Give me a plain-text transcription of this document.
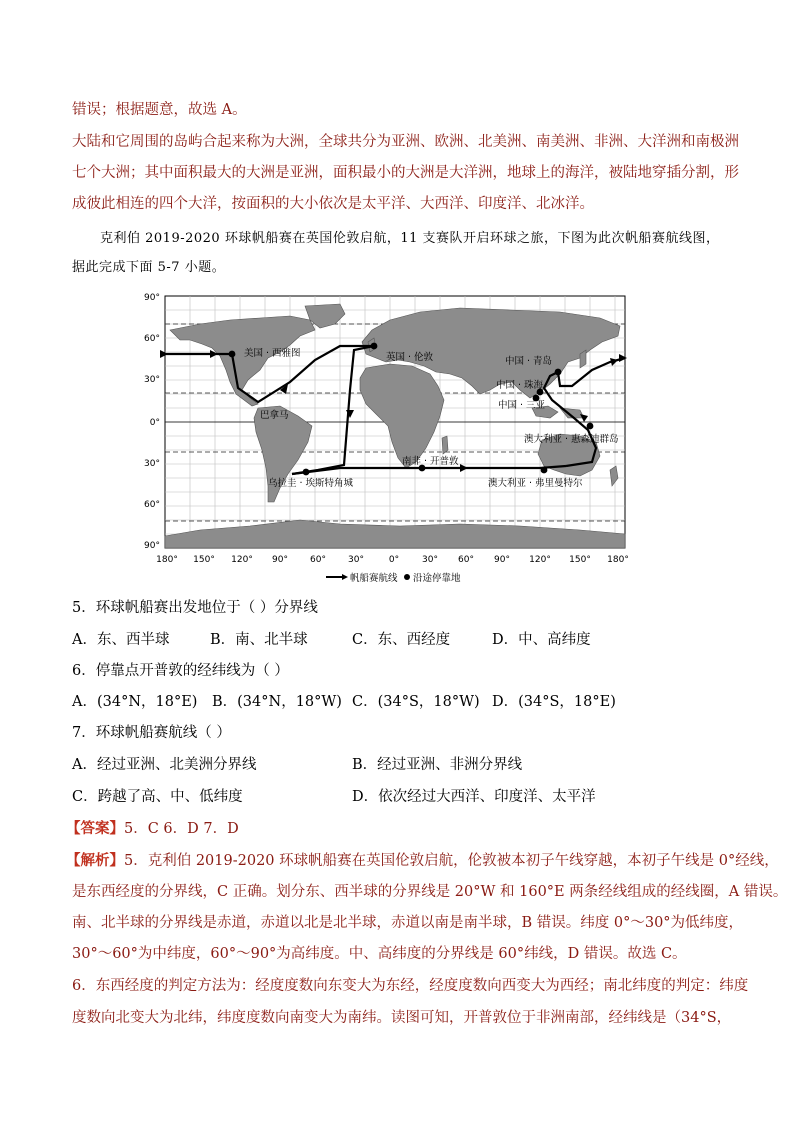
错误；根据题意，故选 A。
大陆和它周围的岛屿合起来称为大洲，全球共分为亚洲、欧洲、北美洲、南美洲、非洲、大洋洲和南极洲
七个大洲；其中面积最大的大洲是亚洲，面积最小的大洲是大洋洲，地球上的海洋，被陆地穿插分割，形
成彼此相连的四个大洋，按面积的大小依次是太平洋、大西洋、印度洋、北冰洋。
克利伯 2019-2020 环球帆船赛在英国伦敦启航，11 支赛队开启环球之旅，下图为此次帆船赛航线图，
据此完成下面 5-7 小题。
美国 · 西雅图	英国 · 伦敦	中国 · 青岛
中国 · 珠海
中国 · 三亚
巴拿马
澳大利亚 · 惠森迪群岛
南非 · 开普敦
乌拉圭 · 埃斯特角城	澳大利亚 · 弗里曼特尔
90°
60°
30°
0°
30°
60°
90°
180° 150° 120° 90° 60° 30°	0°	30° 60° 90° 120° 150° 180°
帆船赛航线 沿途停靠地
5．环球帆船赛出发地位于（ ）分界线
A．东、西半球	B．南、北半球	C．东、西经度	D．中、高纬度
6．停靠点开普敦的经纬线为（ ）
A．(34°N，18°E) B．(34°N，18°W) C．(34°S，18°W) D．(34°S，18°E)
7．环球帆船赛航线（ ）
A．经过亚洲、北美洲分界线	B．经过亚洲、非洲分界线
C．跨越了高、中、低纬度	D．依次经过大西洋、印度洋、太平洋
【答案】5．C 6．D 7．D
【解析】5．克利伯 2019-2020 环球帆船赛在英国伦敦启航，伦敦被本初子午线穿越，本初子午线是 0°经线，
是东西经度的分界线，C 正确。划分东、西半球的分界线是 20°W 和 160°E 两条经线组成的经线圈，A 错误。
南、北半球的分界线是赤道，赤道以北是北半球，赤道以南是南半球，B 错误。纬度 0°～30°为低纬度，
30°～60°为中纬度，60°～90°为高纬度。中、高纬度的分界线是 60°纬线，D 错误。故选 C。
6．东西经度的判定方法为：经度度数向东变大为东经，经度度数向西变大为西经；南北纬度的判定：纬度
度数向北变大为北纬，纬度度数向南变大为南纬。读图可知，开普敦位于非洲南部，经纬线是（34°S，
